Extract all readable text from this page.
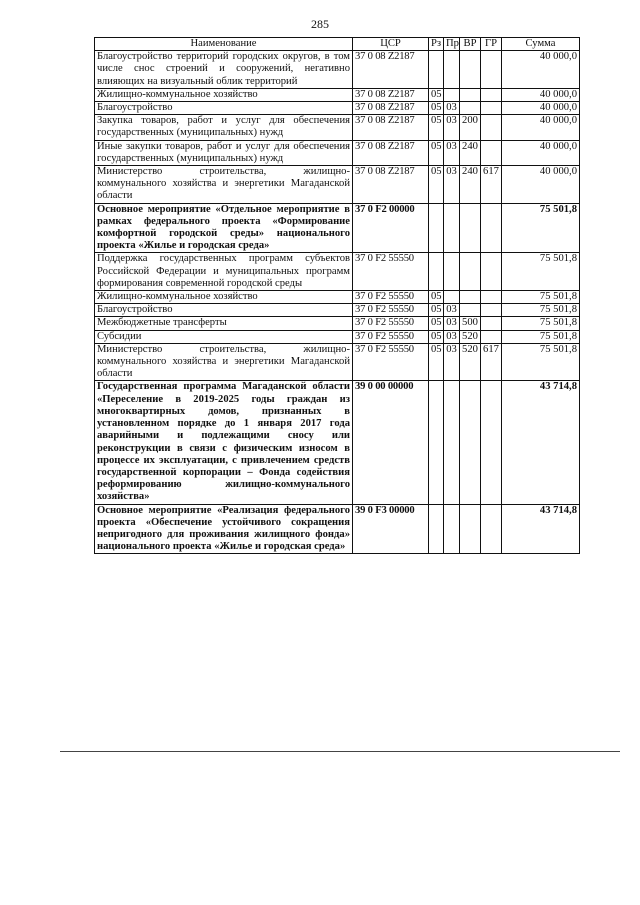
285
Наименование	ЦСР	Рз	Пр	ВР	ГР	Сумма
Благоустройство территорий городских округов, в том числе снос строений и сооружений, негативно влияющих на визуальный облик территорий	37 0 08 Z2187					40 000,0
Жилищно-коммунальное хозяйство	37 0 08 Z2187	05				40 000,0
Благоустройство	37 0 08 Z2187	05	03			40 000,0
Закупка товаров, работ и услуг для обеспечения государственных (муниципальных) нужд	37 0 08 Z2187	05	03	200		40 000,0
Иные закупки товаров, работ и услуг для обеспечения государственных (муниципальных) нужд	37 0 08 Z2187	05	03	240		40 000,0
Министерство строительства, жилищно-коммунального хозяйства и энергетики Магаданской области	37 0 08 Z2187	05	03	240	617	40 000,0
Основное мероприятие «Отдельное мероприятие в рамках федерального проекта «Формирование комфортной городской среды» национального проекта «Жилье и городская среда»	37 0 F2 00000					75 501,8
Поддержка государственных программ субъектов Российской Федерации и муниципальных программ формирования современной городской среды	37 0 F2 55550					75 501,8
Жилищно-коммунальное хозяйство	37 0 F2 55550	05				75 501,8
Благоустройство	37 0 F2 55550	05	03			75 501,8
Межбюджетные трансферты	37 0 F2 55550	05	03	500		75 501,8
Субсидии	37 0 F2 55550	05	03	520		75 501,8
Министерство строительства, жилищно-коммунального хозяйства и энергетики Магаданской области	37 0 F2 55550	05	03	520	617	75 501,8
Государственная программа Магаданской области «Переселение в 2019-2025 годы граждан из многоквартирных домов, признанных в установленном порядке до 1 января 2017 года аварийными и подлежащими сносу или реконструкции в связи с физическим износом в процессе их эксплуатации, с привлечением средств государственной корпорации – Фонда содействия реформированию жилищно-коммунального хозяйства»	39 0 00 00000					43 714,8
Основное мероприятие «Реализация федерального проекта «Обеспечение устойчивого сокращения непригодного для проживания жилищного фонда» национального проекта «Жилье и городская среда»	39 0 F3 00000					43 714,8
